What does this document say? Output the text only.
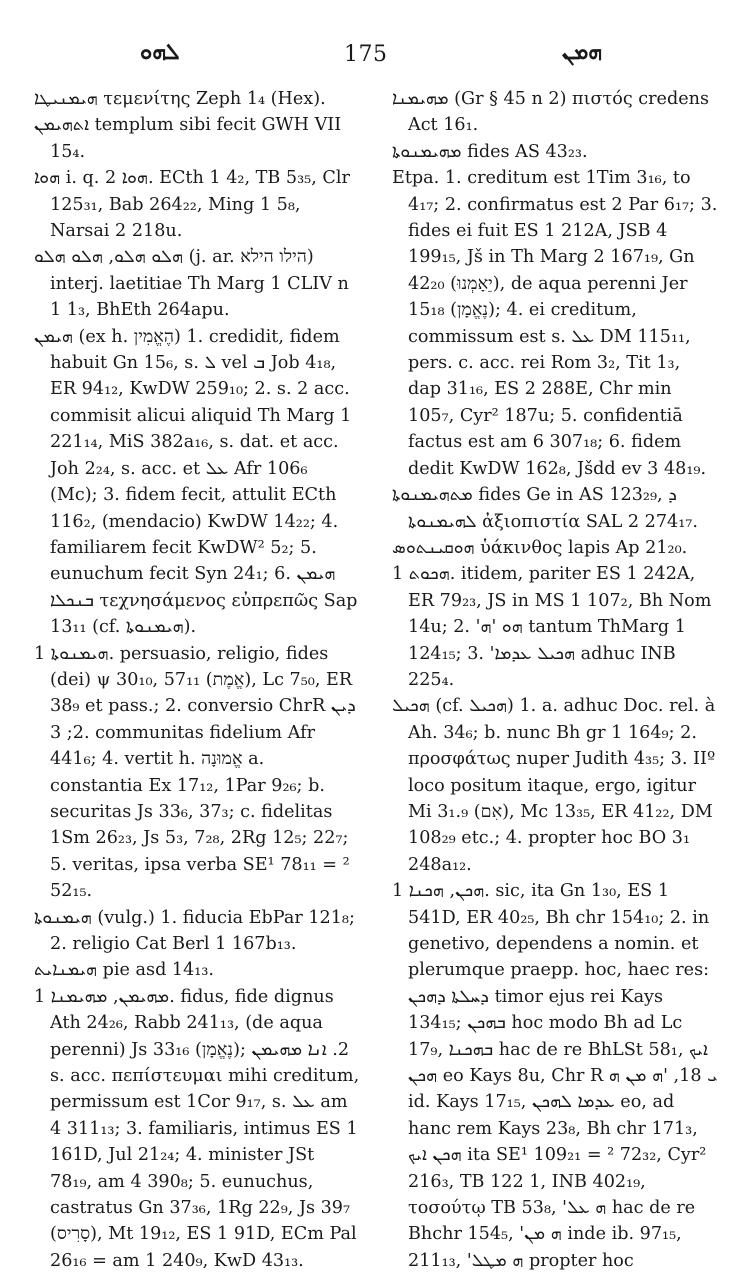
ܠܗܘ	175	ܗܡܢ

ܗܝܡܢܝܛܐ τεμενίτης Zeph 1₄ (Hex).

ܐܬܗܝܡܢ templum sibi fecit GWH VII 15₄.

ܗܘܐ i. q. ܗܘܐ 2. ECth 1 4₂, TB 5₃₅, Clr 125₃₁, Bab 264₂₂, Ming 1 5₈, Narsai 2 218u.

ܗܠܘ ܗܠܘ, ܗܠܘ ܗܠܘ (j. ar. הילו הילא) interj. laetitiae Th Marg 1 CLIV n 1 1₃, BhEth 264apu.

ܗܝܡܢ (ex h. הֶאֱמִין) 1. credidit, fidem habuit Gn 15₆, s. ܠ vel ܒ Job 4₁₈, ER 94₁₂, KwDW 259₁₀; 2. s. 2 acc. commisit alicui aliquid Th Marg 1 221₁₄, MiS 382a₁₆, s. dat. et acc. Joh 2₂₄, s. acc. et ܥܠ Afr 106₆ (Mc); 3. fidem fecit, attulit ECth 116₂, (mendacio) KwDW 14₂₂; 4. familiarem fecit KwDW² 5₂; 5. eunuchum fecit Syn 24₁; 6. ܗܝܡܢ ܒܢܟܠܐ τεχνησάμενος εὐπρεπῶς Sap 13₁₁ (cf. ܗܝܡܢܘܬܐ).

ܗܝܡܢܘܬܐ 1. persuasio, religio, fides (dei) ψ 30₁₀, 57₁₁ (אֱמֶת), Lc 7₅₀, ER 38₉ et pass.; 2. conversio ChrR ܕܝܢ 2; 3. communitas fidelium Afr 441₆; 4. vertit h. אֱמוּנָה a. constantia Ex 17₁₂, 1Par 9₂₆; b. securitas Js 33₆, 37₃; c. fidelitas 1Sm 26₂₃, Js 5₃, 7₂₈, 2Rg 12₅; 22₇; 5. veritas, ipsa verba SE¹ 78₁₁ = ² 52₁₅.

ܗܝܡܢܘܬܐ (vulg.) 1. fiducia EbPar 121₈; 2. religio Cat Berl 1 167b₁₃.

ܗܝܡܢܐܝܬ pie asd 14₁₃.

ܡܗܝܡܢ, ܡܗܝܡܢܐ 1. fidus, fide dignus Ath 24₂₆, Rabb 241₁₃, (de aqua perenni) Js 33₁₆ (נֶאֱמָן); 2. ܐܢܐ ܡܗܝܡܢ s. acc. πεπίστευμαι mihi creditum, permissum est 1Cor 9₁₇, s. ܥܠ am 4 311₁₃; 3. familiaris, intimus ES 1 161D, Jul 21₂₄; 4. minister JSt 78₁₉, am 4 390₈; 5. eunuchus, castratus Gn 37₃₆, 1Rg 22₉, Js 39₇ (סָרִיס), Mt 19₁₂, ES 1 91D, ECm Pal 26₁₆ = am 1 240₉, KwD 43₁₃.

ܡܗܝܡܢܐ (Gr § 45 n 2) πιστός credens Act 16₁.

ܡܗܝܡܢܘܬܐ fides AS 43₂₃.

Etpa. 1. creditum est 1Tim 3₁₆, to 4₁₇; 2. confirmatus est 2 Par 6₁₇; 3. fides ei fuit ES 1 212A, JSB 4 199₁₅, Jš in Th Marg 2 167₁₉, Gn 42₂₀ (יֵאָמְנוּ), de aqua perenni Jer 15₁₈ (נֶאֱמָן); 4. ei creditum, commissum est s. ܥܠ DM 115₁₁, pers. c. acc. rei Rom 3₂, Tit 1₃, dap 31₁₆, ES 2 288E, Chr min 105₇, Cyr² 187u; 5. confidentiā factus est am 6 307₁₈; 6. fidem dedit KwDW 162₈, Jšdd ev 3 48₁₉.

ܡܬܗܝܡܢܘܬܐ fides Ge in AS 123₂₉, ܕ ܠܗܝܡܢܘܬܐ ἀξιοπιστία SAL 2 274₁₇.

ܗܘܩܝܢܬܘܣ ὑάκινθος lapis Ap 21₂₀.

ܗܟܘܬ 1. itidem, pariter ES 1 242A, ER 79₂₃, JS in MS 1 107₂, Bh Nom 14u; 2. 'ܗܘ 'ܗ tantum ThMarg 1 124₁₅; 3. 'ܗܟܝܠ ܥܕܡܐ adhuc INB 225₄.

ܗܟܝܠ (cf. ܗܟܝܠ) 1. a. adhuc Doc. rel. à Ah. 34₆; b. nunc Bh gr 1 164₉; 2. προσφάτως nuper Judith 4₃₅; 3. IIº loco positum itaque, ergo, igitur Mi 3₁.₉ (אִם), Mc 13₃₅, ER 41₂₂, DM 108₂₉ etc.; 4. propter hoc BO 3₁ 248a₁₂.

ܗܟܢ, ܗܟܢܐ 1. sic, ita Gn 1₃₀, ES 1 541D, ER 40₂₅, Bh chr 154₁₀; 2. in genetivo, dependens a nomin. et plerumque praepp. hoc, haec res: ܕܚܠܬܐ ܕܗܟܢ timor ejus rei Kays 134₁₅; ܒܗܟܢ hoc modo Bh ad Lc 17₉, ܒܗܟܢܐ hac de re BhLSt 58₁, ܐܝܟ ܗܟܢ eo Kays 8u, Chr R ܝ 18, 'ܗ ܡܢ ܗ id. Kays 17₁₅, ܥܕܡܐ ܠܗܟܢ eo, ad hanc rem Kays 23₈, Bh chr 171₃, ܗܟܢ ܐܝܟ ita SE¹ 109₂₁ = ² 72₃₂, Cyr² 216₃, TB 122 1, INB 402₁₉, τοσούτῳ TB 53₈, 'ܗ ܥܠ hac de re Bhchr 154₅, 'ܗ ܡܢ inde ib. 97₁₅, 211₁₃, 'ܗ ܡܛܠ propter hoc
